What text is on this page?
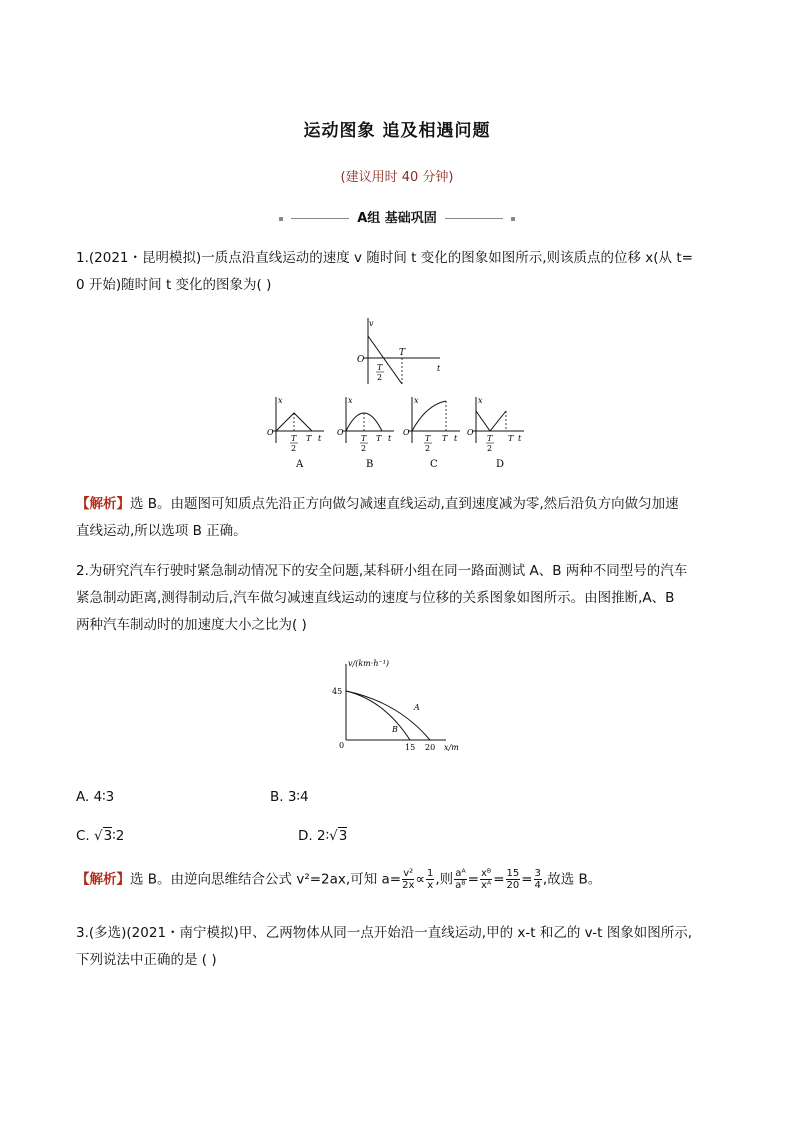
运动图象 追及相遇问题
(建议用时 40 分钟)
A组 基础巩固
1.(2021・昆明模拟)一质点沿直线运动的速度 v 随时间 t 变化的图象如图所示,则该质点的位移 x(从 t=
0 开始)随时间 t 变化的图象为( )
v
O
t
T
T
2
x
O
T
2
T t
A
x
O
T
2
T t
B
x
O
T
2
T t
C
x
O
T
2
T t
D
【解析】选 B。由题图可知质点先沿正方向做匀减速直线运动,直到速度减为零,然后沿负方向做匀加速
直线运动,所以选项 B 正确。
2.为研究汽车行驶时紧急制动情况下的安全问题,某科研小组在同一路面测试 A、B 两种不同型号的汽车
紧急制动距离,测得制动后,汽车做匀减速直线运动的速度与位移的关系图象如图所示。由图推断,A、B
两种汽车制动时的加速度大小之比为( )
v/(km·h⁻¹)
45
0	15 20 x/m
A
B
A. 4∶3	B. 3∶4
C. √3∶2	D. 2∶√3
【解析】选 B。由逆向思维结合公式 v²=2ax,可知 $a= \frac{\text{v²}}{2x} \propto \frac{1}{x}$ ,则 $\frac{\text{aᴬ}}{\text{aᴮ}} = \frac{\text{xᴮ}}{\text{xᴬ}} = \frac{15}{20} = \frac{3}{4}$ ,故选 B。
3.(多选)(2021・南宁模拟)甲、乙两物体从同一点开始沿一直线运动,甲的 x-t 和乙的 v-t 图象如图所示,
下列说法中正确的是 ( )
